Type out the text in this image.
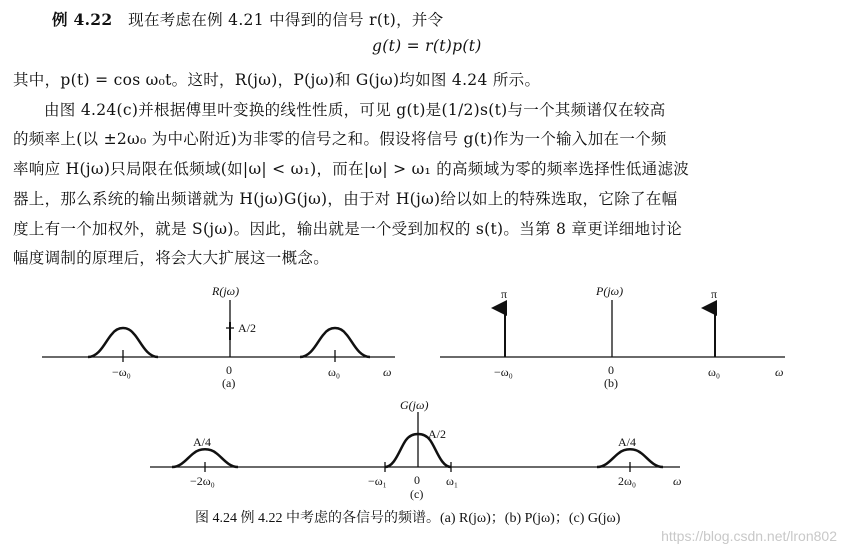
例 4.22 现在考虑在例 4.21 中得到的信号 r(t)，并令
g(t) = r(t)p(t)
其中，p(t) = cos ω₀t。这时，R(jω)，P(jω)和 G(jω)均如图 4.24 所示。
由图 4.24(c)并根据傅里叶变换的线性性质，可见 g(t)是(1/2)s(t)与一个其频谱仅在较高
的频率上(以 ±2ω₀ 为中心附近)为非零的信号之和。假设将信号 g(t)作为一个输入加在一个频
率响应 H(jω)只局限在低频域(如|ω| < ω₁)，而在|ω| > ω₁ 的高频域为零的频率选择性低通滤波
器上，那么系统的输出频谱就为 H(jω)G(jω)，由于对 H(jω)给以如上的特殊选取，它除了在幅
度上有一个加权外，就是 S(jω)。因此，输出就是一个受到加权的 s(t)。当第 8 章更详细地讨论
幅度调制的原理后，将会大大扩展这一概念。
R(jω)
A/2
−ω₀	0	ω₀	ω
(a)
P(jω)
π	π
−ω₀	0	ω₀	ω
(b)
G(jω)
A/2
A/4	A/4
−2ω₀	−ω₁ 0 ω₁	2ω₀	ω
(c)
图 4.24 例 4.22 中考虑的各信号的频谱。(a) R(jω)；(b) P(jω)；(c) G(jω)
https://blog.csdn.net/lron802
